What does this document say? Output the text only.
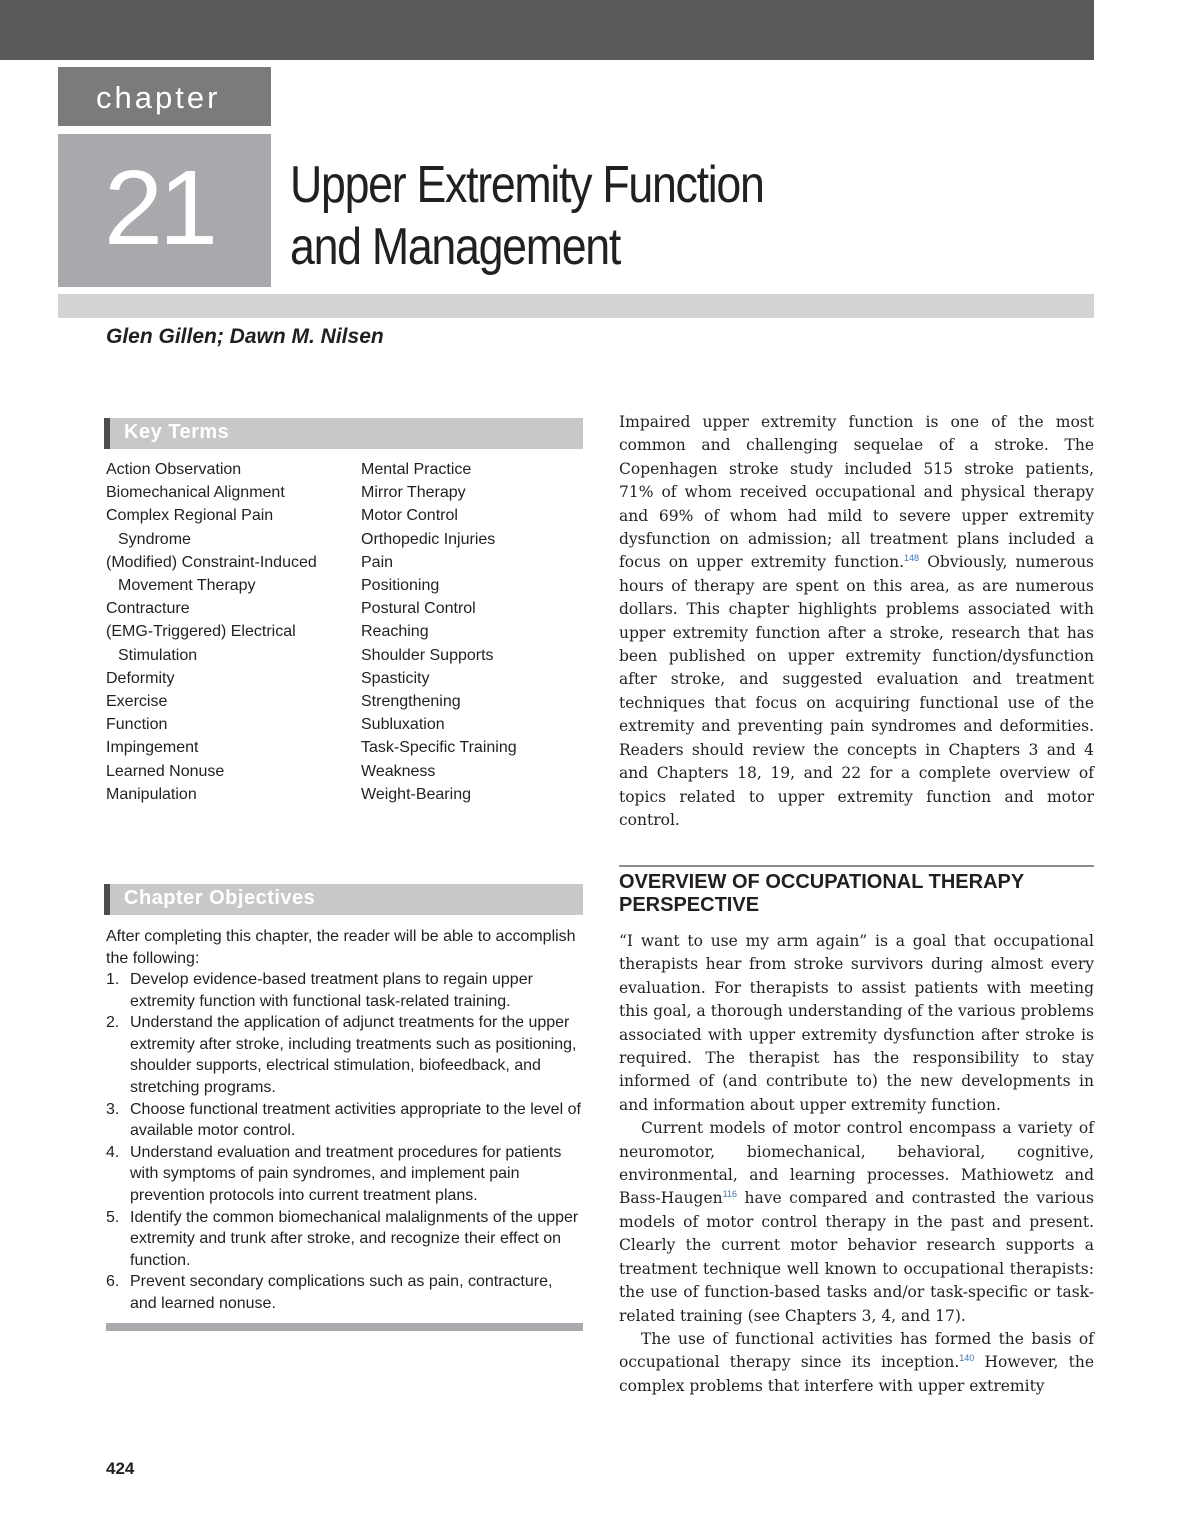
chapter
21 Upper Extremity Function
and Management
Glen Gillen; Dawn M. Nilsen
Key Terms
Action Observation
Biomechanical Alignment
Complex Regional Pain Syndrome
(Modified) Constraint-Induced Movement Therapy
Contracture
(EMG-Triggered) Electrical Stimulation
Deformity
Exercise
Function
Impingement
Learned Nonuse
Manipulation
Mental Practice
Mirror Therapy
Motor Control
Orthopedic Injuries
Pain
Positioning
Postural Control
Reaching
Shoulder Supports
Spasticity
Strengthening
Subluxation
Task-Specific Training
Weakness
Weight-Bearing
Chapter Objectives

After completing this chapter, the reader will be able to accomplish the following:

1. Develop evidence-based treatment plans to regain upper extremity function with functional task-related training.
2. Understand the application of adjunct treatments for the upper extremity after stroke, including treatments such as positioning, shoulder supports, electrical stimulation, biofeedback, and stretching programs.
3. Choose functional treatment activities appropriate to the level of available motor control.
4. Understand evaluation and treatment procedures for patients with symptoms of pain syndromes, and implement pain prevention protocols into current treatment plans.
5. Identify the common biomechanical malalignments of the upper extremity and trunk after stroke, and recognize their effect on function.
6. Prevent secondary complications such as pain, contracture, and learned nonuse.

Impaired upper extremity function is one of the most common and challenging sequelae of a stroke. The Copenhagen stroke study included 515 stroke patients, 71% of whom received occupational and physical therapy and 69% of whom had mild to severe upper extremity dysfunction on admission; all treatment plans included a focus on upper extremity function.$^{148}$ Obviously, numerous hours of therapy are spent on this area, as are numerous dollars. This chapter highlights problems associated with upper extremity function after a stroke, research that has been published on upper extremity function/dysfunction after stroke, and suggested evaluation and treatment techniques that focus on acquiring functional use of the extremity and preventing pain syndromes and deformities. Readers should review the concepts in Chapters 3 and 4 and Chapters 18, 19, and 22 for a complete overview of topics related to upper extremity function and motor control.

OVERVIEW OF OCCUPATIONAL THERAPY PERSPECTIVE

“I want to use my arm again” is a goal that occupational therapists hear from stroke survivors during almost every evaluation. For therapists to assist patients with meeting this goal, a thorough understanding of the various problems associated with upper extremity dysfunction after stroke is required. The therapist has the responsibility to stay informed of (and contribute to) the new developments in and information about upper extremity function.

Current models of motor control encompass a variety of neuromotor, biomechanical, behavioral, cognitive, environmental, and learning processes. Mathiowetz and Bass-Haugen$^{116}$ have compared and contrasted the various models of motor control therapy in the past and present. Clearly the current motor behavior research supports a treatment technique well known to occupational therapists: the use of function-based tasks and/or task-specific or task-related training (see Chapters 3, 4, and 17).

The use of functional activities has formed the basis of occupational therapy since its inception.$^{140}$ However, the complex problems that interfere with upper extremity

424
